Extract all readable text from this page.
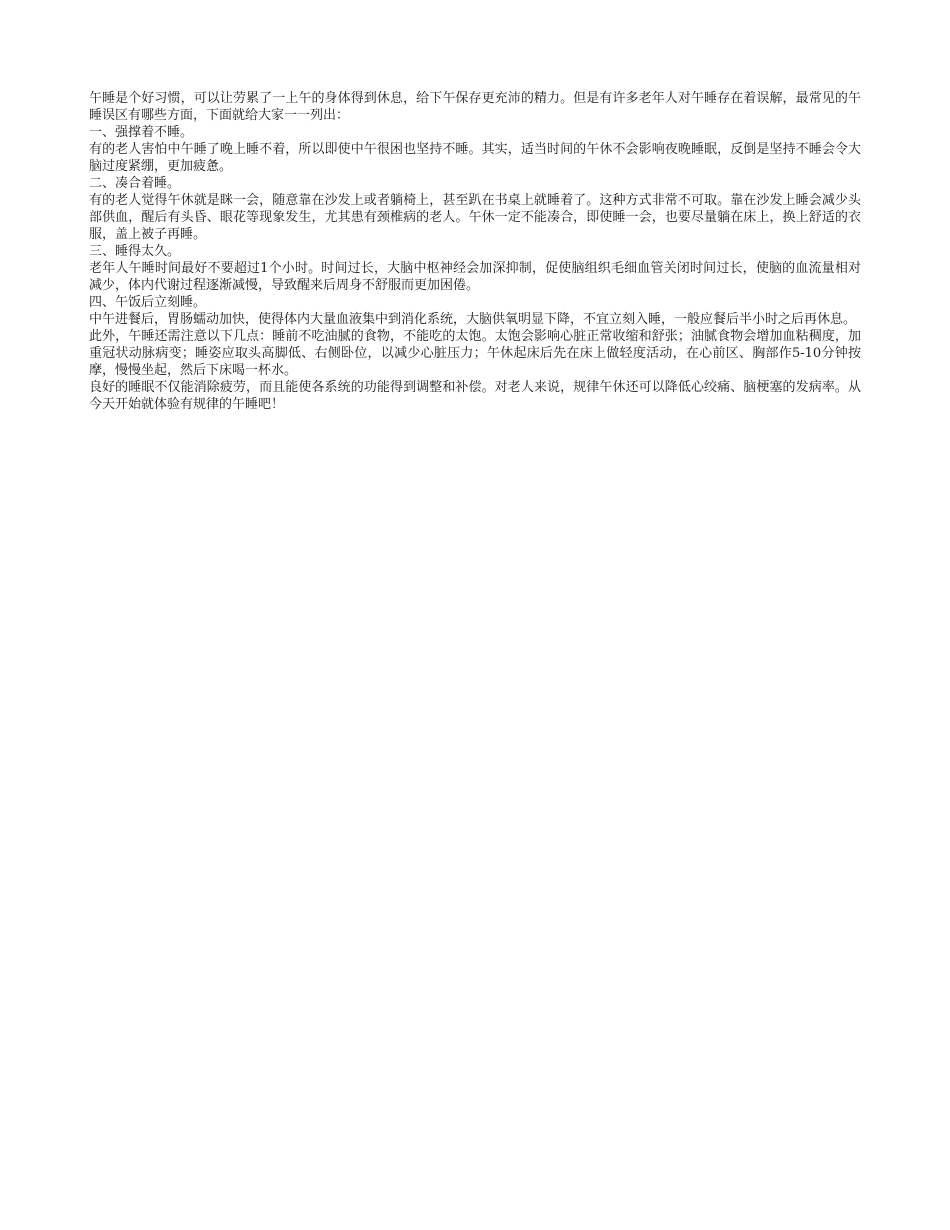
午睡是个好习惯，可以让劳累了一上午的身体得到休息，给下午保存更充沛的精力。但是有许多老年人对午睡存在着误解，最常见的午睡误区有哪些方面，下面就给大家一一列出：

一、强撑着不睡。

有的老人害怕中午睡了晚上睡不着，所以即使中午很困也坚持不睡。其实，适当时间的午休不会影响夜晚睡眠，反倒是坚持不睡会令大脑过度紧绷，更加疲惫。

二、凑合着睡。

有的老人觉得午休就是眯一会，随意靠在沙发上或者躺椅上，甚至趴在书桌上就睡着了。这种方式非常不可取。靠在沙发上睡会减少头部供血，醒后有头昏、眼花等现象发生，尤其患有颈椎病的老人。午休一定不能凑合，即使睡一会，也要尽量躺在床上，换上舒适的衣服，盖上被子再睡。

三、睡得太久。

老年人午睡时间最好不要超过1个小时。时间过长，大脑中枢神经会加深抑制，促使脑组织毛细血管关闭时间过长，使脑的血流量相对减少，体内代谢过程逐渐减慢，导致醒来后周身不舒服而更加困倦。

四、午饭后立刻睡。

中午进餐后，胃肠蠕动加快，使得体内大量血液集中到消化系统，大脑供氧明显下降，不宜立刻入睡，一般应餐后半小时之后再休息。

此外，午睡还需注意以下几点：睡前不吃油腻的食物，不能吃的太饱。太饱会影响心脏正常收缩和舒张；油腻食物会增加血粘稠度，加重冠状动脉病变；睡姿应取头高脚低、右侧卧位，以减少心脏压力；午休起床后先在床上做轻度活动，在心前区、胸部作5-10分钟按摩，慢慢坐起，然后下床喝一杯水。

良好的睡眠不仅能消除疲劳，而且能使各系统的功能得到调整和补偿。对老人来说，规律午休还可以降低心绞痛、脑梗塞的发病率。从今天开始就体验有规律的午睡吧！
